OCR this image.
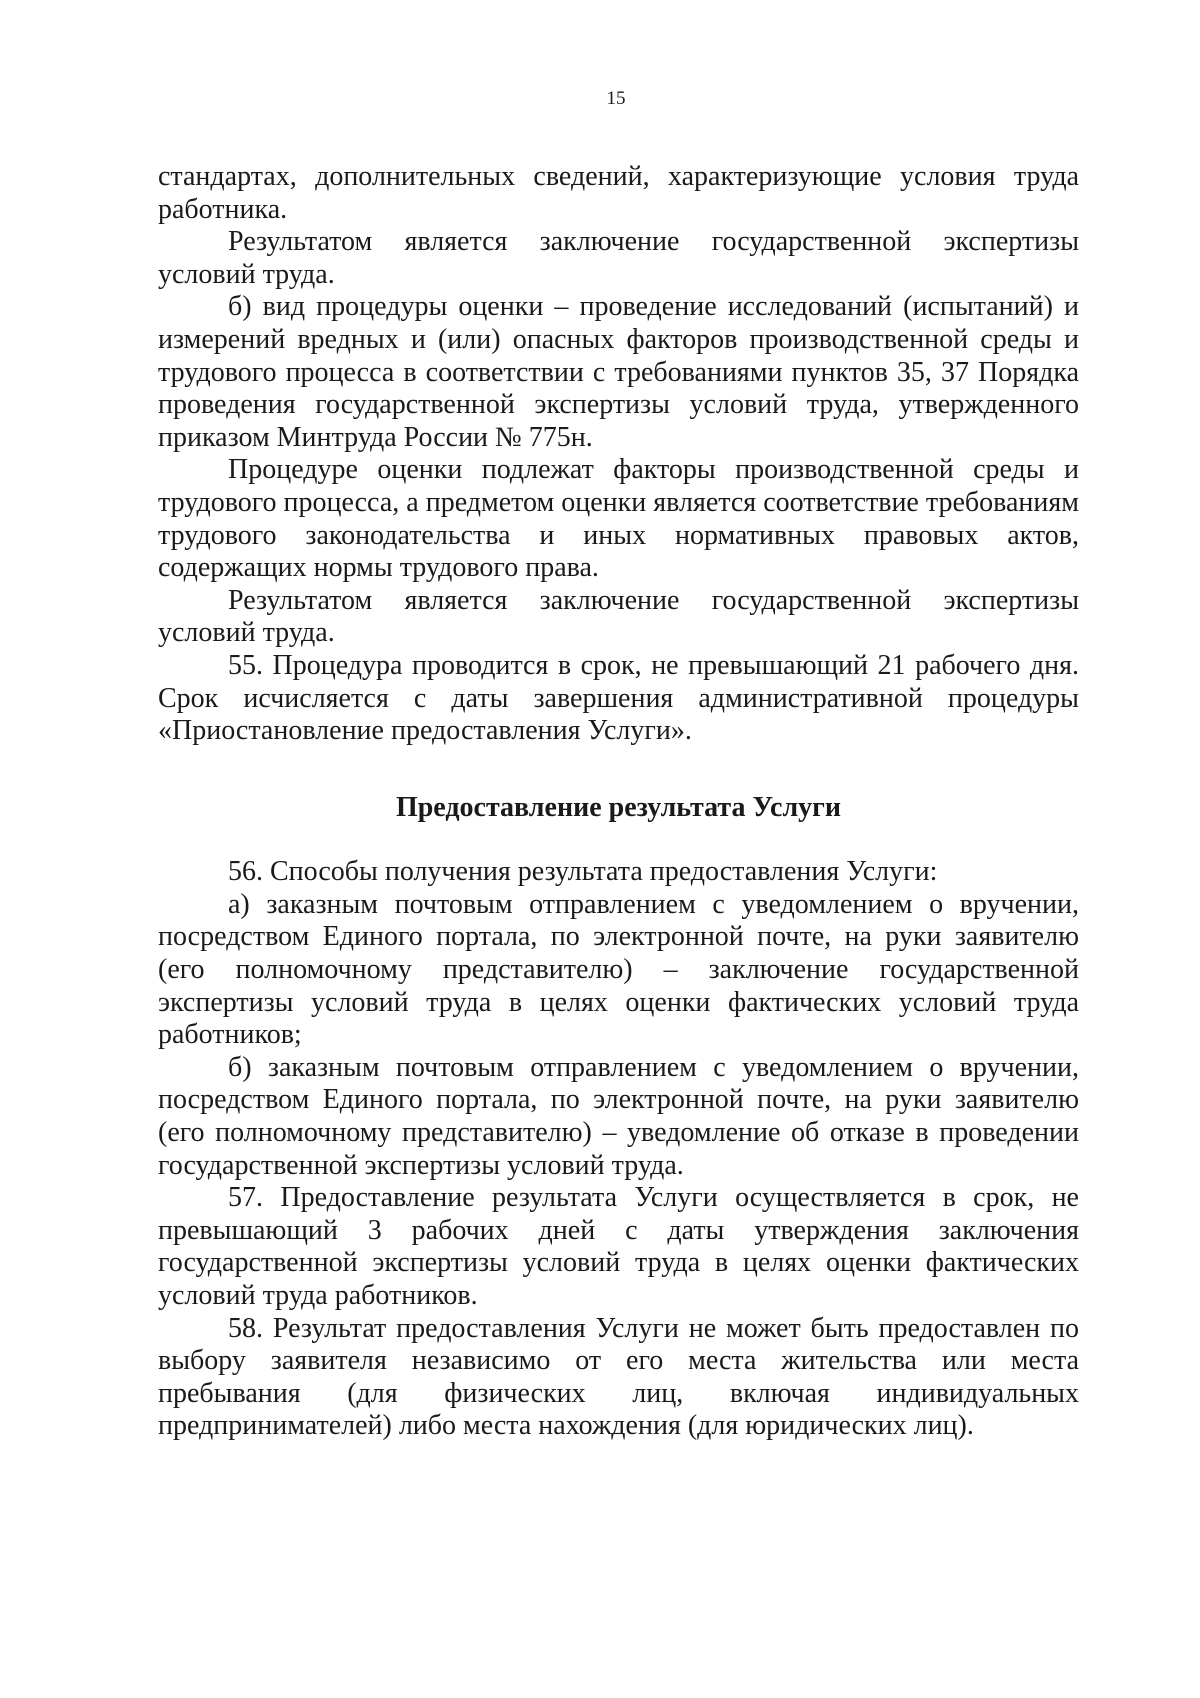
15

стандартах, дополнительных сведений, характеризующие условия труда работника.

Результатом является заключение государственной экспертизы условий труда.

б) вид процедуры оценки – проведение исследований (испытаний) и измерений вредных и (или) опасных факторов производственной среды и трудового процесса в соответствии с требованиями пунктов 35, 37 Порядка проведения государственной экспертизы условий труда, утвержденного приказом Минтруда России № 775н.

Процедуре оценки подлежат факторы производственной среды и трудового процесса, а предметом оценки является соответствие требованиям трудового законодательства и иных нормативных правовых актов, содержащих нормы трудового права.

Результатом является заключение государственной экспертизы условий труда.

55. Процедура проводится в срок, не превышающий 21 рабочего дня. Срок исчисляется с даты завершения административной процедуры «Приостановление предоставления Услуги».

Предоставление результата Услуги

56. Способы получения результата предоставления Услуги:

а) заказным почтовым отправлением с уведомлением о вручении, посредством Единого портала, по электронной почте, на руки заявителю (его полномочному представителю) – заключение государственной экспертизы условий труда в целях оценки фактических условий труда работников;

б) заказным почтовым отправлением с уведомлением о вручении, посредством Единого портала, по электронной почте, на руки заявителю (его полномочному представителю) – уведомление об отказе в проведении государственной экспертизы условий труда.

57. Предоставление результата Услуги осуществляется в срок, не превышающий 3 рабочих дней с даты утверждения заключения государственной экспертизы условий труда в целях оценки фактических условий труда работников.

58. Результат предоставления Услуги не может быть предоставлен по выбору заявителя независимо от его места жительства или места пребывания (для физических лиц, включая индивидуальных предпринимателей) либо места нахождения (для юридических лиц).
